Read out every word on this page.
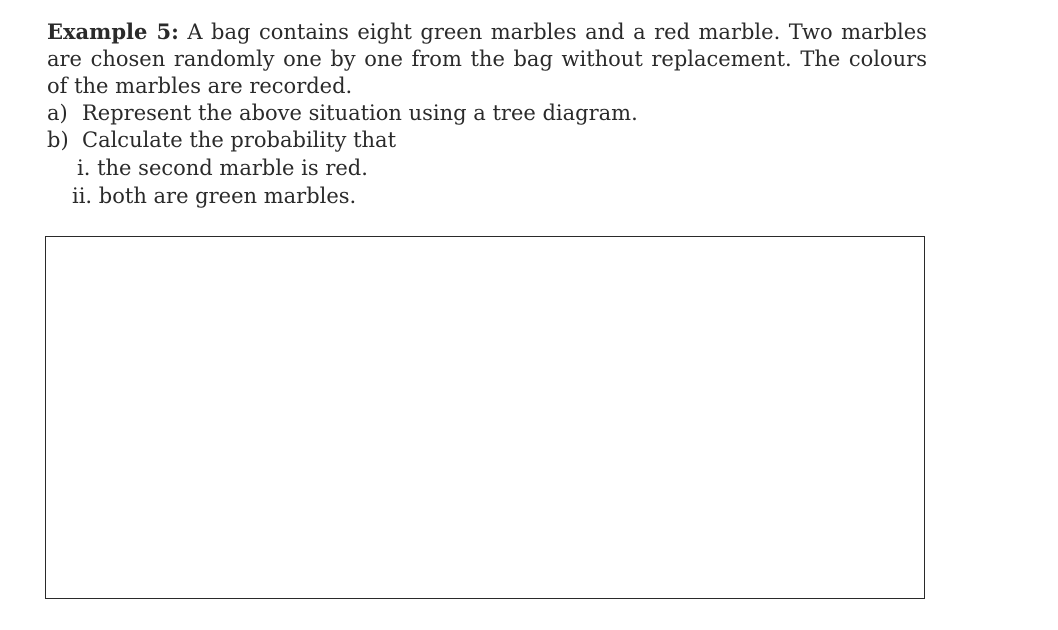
Example 5: A bag contains eight green marbles and a red marble. Two marbles are chosen randomly one by one from the bag without replacement. The colours of the marbles are recorded.

a) Represent the above situation using a tree diagram.

b) Calculate the probability that

i. the second marble is red.

ii. both are green marbles.
